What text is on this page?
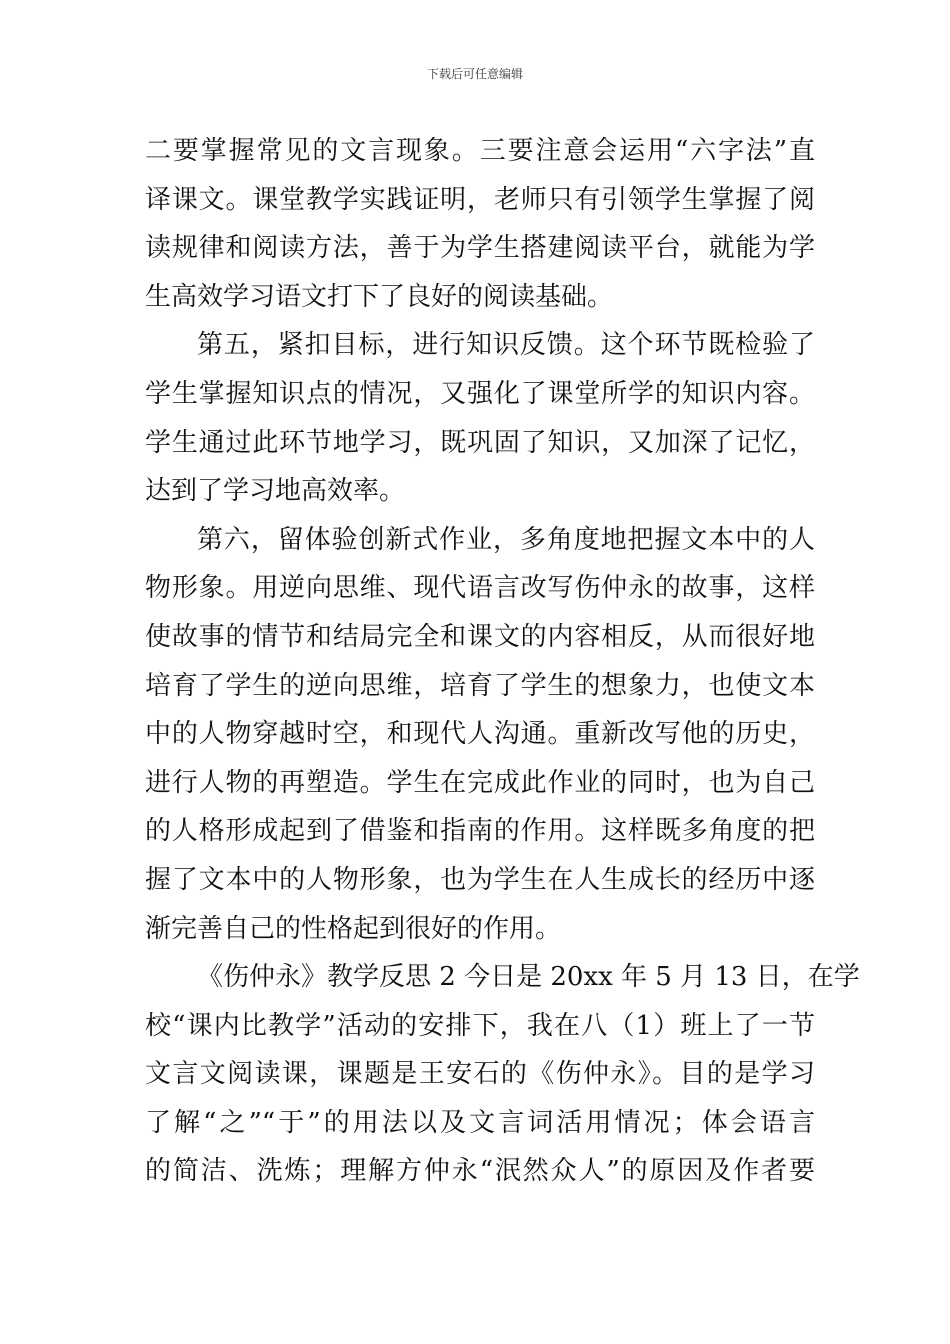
下载后可任意编辑
二要掌握常见的文言现象。三要注意会运用“六字法”直
译课文。课堂教学实践证明，老师只有引领学生掌握了阅
读规律和阅读方法，善于为学生搭建阅读平台，就能为学
生高效学习语文打下了良好的阅读基础。
第五，紧扣目标，进行知识反馈。这个环节既检验了
学生掌握知识点的情况，又强化了课堂所学的知识内容。
学生通过此环节地学习，既巩固了知识，又加深了记忆，
达到了学习地高效率。
第六，留体验创新式作业，多角度地把握文本中的人
物形象。用逆向思维、现代语言改写伤仲永的故事，这样
使故事的情节和结局完全和课文的内容相反，从而很好地
培育了学生的逆向思维，培育了学生的想象力，也使文本
中的人物穿越时空，和现代人沟通。重新改写他的历史，
进行人物的再塑造。学生在完成此作业的同时，也为自己
的人格形成起到了借鉴和指南的作用。这样既多角度的把
握了文本中的人物形象，也为学生在人生成长的经历中逐
渐完善自己的性格起到很好的作用。
《伤仲永》教学反思 2 今日是 20xx 年 5 月 13 日，在学
校“课内比教学”活动的安排下，我在八（1）班上了一节
文言文阅读课，课题是王安石的《伤仲永》。目的是学习
了解“之”“于”的用法以及文言词活用情况；体会语言
的简洁、洗炼；理解方仲永“泯然众人”的原因及作者要
